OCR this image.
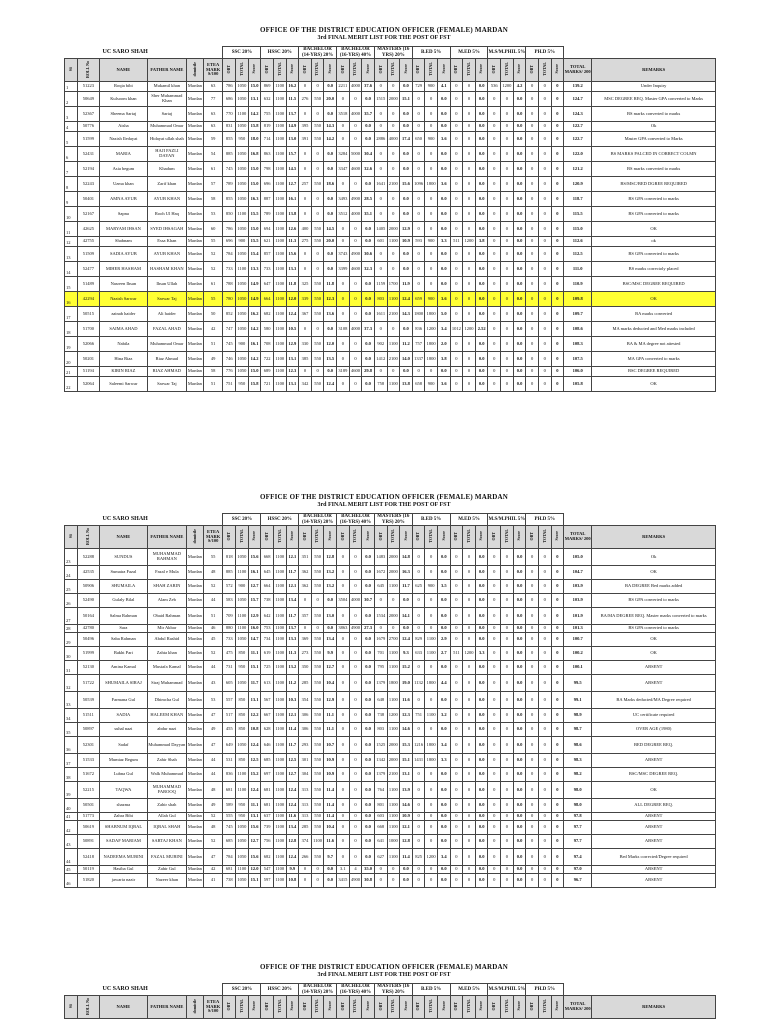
OFFICE OF THE DISTRICT EDUCATION OFFICER (FEMALE) MARDAN
3rd FINAL MERIT LIST FOR THE POST OF FST
UC SARO SHAH						SSC 20%			HSSC 20%			BACHELOR (14-YRS) 20%			BACHELOR (16-YRS) 40%			MASTERS (16 YRS) 20%			B.ED 5%			M.ED 5%			M.S/M.PHIL 5%			PH.D 5%				
S#	ROLL No	NAME	FATHER NAME	domicile	ETEA MARK S/100	OBT	TOTAL	Score	OBT	TOTAL	Score	OBT	TOTAL	Score	OBT	TOTAL	Score	OBT	TOTAL	Score	OBT	TOTAL	Score	OBT	TOTAL	Score	OBT	TOTAL	Score	OBT	TOTAL	Score	TOTAL MARKS/ 200	REMARKS
1	51223	Roqia bibi	Mukamil khan	Mardan	63	786	1050	15.0	869	1100	16.2	0	0	0.0	2211	4000	37.6	0	0	0.0	729	900	4.1	0	0	0.0	536	1200	4.2	0	0	0	139.2	Under Inquiry
2	50649	Kulsoom khan	Sher Muhammad Khan	Mardan	77	686	1050	13.1	632	1100	11.5	276	550	20.0	0	0	0.0	1515	2000	15.1	0	0	0.0	0	0	0.0	0	0	0.0	0	0	0	124.7	MSC DEGREE REQ. Master GPA converted to Marks
3	52367	Sheema Sartaj	Sartaj	Mardan	63	770	1100	14.2	755	1100	13.7	0	0	0.0	3518	4000	35.7	0	0	0.0	0	0	0.0	0	0	0.0	0	0	0.0	0	0	0	124.3	BS marks converted to marks
4	50776	Aisha	Muhammad Omar	Mardan	63	831	1050	15.8	819	1100	14.9	395	550	14.3	0	0	0.0	0	0	0.0	0	0	0.0	0	0	0.0	0	0	0.0	0	0	0	122.7	Ok
5	51599	Nazish Iledayat	Hidayat ullah shah	Mardan	59	855	950	18.0	714	1100	13.0	391	550	14.2	0	0	0.0	2886	4000	17.4	650	900	3.6	0	0	0.0	0	0	0.0	0	0	0	122.7	Master GPA converted to Marks
6	52431	MARIA	HAJI FAZLI DAYAN	Mardan	54	885	1050	16.8	863	1100	15.7	0	0	0.0	3284	5000	30.4	0	0	0.0	0	0	0.0	0	0	0.0	0	0	0.0	0	0	0	122.0	BS MARKS PALCED IN CORRECT COLMN
7	52194	Asia begum	Khadum	Mardan	61	745	1050	15.0	798	1100	14.5	0	0	0.0	3347	4600	32.6	0	0	0.0	0	0	0.0	0	0	0.0	0	0	0.0	0	0	0	121.2	BS marks converted to marks
8	52243	Uzma khan	Zarif khan	Mardan	57	789	1050	15.0	696	1100	12.7	257	550	18.6	0	0	0.0	1641	2100	15.6	1096	1800	3.6	0	0	0.0	0	0	0.0	0	0	0	120.9	BS/MSC/BED DGREE REQUIRED
9	50401	AMNA AYUB	AYUB KHAN	Mardan	58	855	1050	16.3	887	1100	16.1	0	0	0.0	3493	4900	28.5	0	0	0.0	0	0	0.0	0	0	0.0	0	0	0.0	0	0	0	118.7	BS GPA converted to marks
10	52167	Sapna	Rooh Ul Haq	Mardan	53	850	1100	15.5	789	1100	13.8	0	0	0.0	3512	4000	35.1	0	0	0.0	0	0	0.0	0	0	0.0	0	0	0.0	0	0	0	115.5	BS GPA converted to marks
11	42625	MARYAM IHSAN	SYED IHSAGAH	Mardan	60	786	1050	15.0	694	1100	12.6	400	550	14.5	0	0	0.0	1405	2000	12.9	0	0	0.0	0	0	0.0	0	0	0.0	0	0	0	115.0	OK
12	42755	Shabnam	Essa Khan	Mardan	55	696	900	15.5	621	1100	11.3	275	550	20.0	0	0	0.0	601	1100	10.9	593	900	3.3	511	1200	3.8	0	0	0.0	0	0	0	112.6	ok
13	51509	SADIA AYUB	AYUB KHAN	Mardan	52	784	1050	15.4	857	1100	15.6	0	0	0.0	3743	4900	30.6	0	0	0.0	0	0	0.0	0	0	0.0	0	0	0.0	0	0	0	112.5	BS GPA converted to marks
14	52477	MIHER HASHAM	HASHAM KHAN	Mardan	52	733	1100	13.3	733	1100	13.3	0	0	0.0	3399	4600	32.3	0	0	0.0	0	0	0.0	0	0	0.0	0	0	0.0	0	0	0	111.0	BS marks correctoly placed
15	51489	Nasreen Ihsan	Ihsan Ullah	Mardan	61	788	1050	14.9	647	1100	11.8	325	550	11.8	0	0	0.0	1159	1700	11.9	0	0	0.0	0	0	0.0	0	0	0.0	0	0	0	110.9	BSC/MSC DEGREE REQUIRED
16	42294	Nazish Sarwar	Sarwar Taj	Mardan	55	780	1050	14.9	664	1100	12.0	339	550	12.3	0	0	0.0	803	1100	12.4	659	900	3.6	0	0	0.0	0	0	0.0	0	0	0	109.8	OK
17	50515	zainab haider	Ali haider	Mardan	50	852	1050	16.2	682	1100	12.4	367	550	13.6	0	0	0.0	1611	2100	14.3	1800	1800	5.0	0	0	0.0	0	0	0.0	0	0	0	109.7	BA marks converted
18	51700	SAIMA AHAD	FAZAL AHAD	Mardan	42	747	1050	14.2	580	1100	10.5	0	0	0.0	3108	4000	37.3	0	0	0.0	836	1200	3.4	1012	1200	2.52	0	0	0.0	0	0	0	108.6	MA marks deducted and Med marks included
19	52066	Nabila	Muhammad Omar	Mardan	51	745	900	16.1	708	1100	12.9	330	550	12.0	0	0	0.0	902	1100	11.2	757	1800	2.0	0	0	0.0	0	0	0.0	0	0	0	108.3	BA & MA degree not attested
20	50201	Hina Riaz	Riaz Ahmad	Mardan	49	746	1050	14.2	722	1100	13.1	385	550	13.5	0	0	0.0	1412	2100	14.0	1337	1800	3.8	0	0	0.0	0	0	0.0	0	0	0	107.5	MA GPA converted to marks
21	51194	KIRIN RIAZ	RIAZ AHMAD	Mardan	58	776	1050	15.0	689	1100	12.3	0	0	0.0	3189	4600	29.8	0	0	0.0	0	0	0.0	0	0	0.0	0	0	0.0	0	0	0	106.0	BSC DEGREE REQUIRED
22	52064	Saleemi Sarwar	Sarwar Taj	Mardan	51	751	950	15.8	721	1100	13.1	342	550	12.4	0	0	0.0	758	1100	13.8	658	900	3.6	0	0	0.0	0	0	0.0	0	0	0	105.8	OK
OFFICE OF THE DISTRICT EDUCATION OFFICER (FEMALE) MARDAN
3rd FINAL MERIT LIST FOR THE POST OF FST
UC SARO SHAH						SSC 20%			HSSC 20%			BACHELOR (14-YRS) 20%			BACHELOR (16-YRS) 40%			MASTERS (16 YRS) 20%			B.ED 5%			M.ED 5%			M.S/M.PHIL 5%			PH.D 5%				
S#	ROLL No	NAME	FATHER NAME	domicile	ETEA MARK S/100	OBT	TOTAL	Score	OBT	TOTAL	Score	OBT	TOTAL	Score	OBT	TOTAL	Score	OBT	TOTAL	Score	OBT	TOTAL	Score	OBT	TOTAL	Score	OBT	TOTAL	Score	OBT	TOTAL	Score	TOTAL MARKS/ 200	REMARKS
23	52288	SUNDUS	MUHAMMAD RAHMAN	Mardan	55	818	1050	15.6	668	1100	12.1	351	550	12.8	0	0	0.0	1483	2000	14.8	0	0	0.0	0	0	0.0	0	0	0.0	0	0	0	105.0	Ok
24	42535	Sumaira Fazal	Fazal e Mula	Mardan	48	885	1100	16.1	645	1100	11.7	362	550	13.2	0	0	0.0	1672	2000	16.3	0	0	0.0	0	0	0.0	0	0	0.0	0	0	0	104.7	OK
25	50906	SHUMAILA	SHAH ZARIN	Mardan	52	572	900	12.7	664	1100	12.1	362	550	13.2	0	0	0.0	645	1100	11.7	625	900	3.5	0	0	0.0	0	0	0.0	0	0	0	103.9	BA DEGREE Bed marks added
26	52490	Gulaly Bilal	Alam Zeb	Mardan	44	583	1050	15.7	738	1100	13.4	0	0	0.0	3504	4000	30.7	0	0	0.0	0	0	0.0	0	0	0.0	0	0	0.0	0	0	0	103.9	BS GPA converted to marks
27	50164	Salma Rahman	Obaid Rahman	Mardan	51	709	1100	12.9	642	1100	11.7	357	550	13.0	0	0	0.0	1534	2000	14.1	0	0	0.0	0	0	0.0	0	0	0.0	0	0	0	101.9	BA/MA DEGREE REQ. Master marks converted to marks
28	42780	Sara	Mir Akbar	Mardan	46	880	1100	16.0	753	1100	13.7	0	0	0.0	3863	4900	27.3	0	0	0.0	0	0	0.0	0	0	0.0	0	0	0.0	0	0	0	101.3	BS GPA converted to marks
29	50496	Saba Rahman	Abdul Rashid	Mardan	45	733	1050	14.7	734	1100	13.3	369	550	13.4	0	0	0.0	1679	2700	12.4	829	1100	2.9	0	0	0.0	0	0	0.0	0	0	0	100.7	OK
30	51999	Bakht Pari	Zahta khan	Mardan	52	475	850	11.1	619	1100	11.3	273	550	9.9	0	0	0.0	701	1100	9.3	633	1100	2.7	511	1200	3.3	0	0	0.0	0	0	0	100.2	OK
31	52130	Amina Kamal	Mustafa Kamal	Mardan	44	731	950	15.1	725	1100	13.2	350	550	12.7	0	0	0.0	795	1100	15.2	0	0	0.0	0	0	0.0	0	0	0.0	0	0	0	100.1	ABSENT
32	51722	SHUMAILA SIRAJ	Siraj Muhammad	Mardan	43	605	1050	11.7	613	1100	11.2	285	550	10.4	0	0	0.0	1379	1800	19.0	1132	1800	4.4	0	0	0.0	0	0	0.0	0	0	0	99.5	ABSENT
33	50539	Farmana Gul	Dhimcha Gul	Mardan	53	557	850	13.1	567	1100	10.3	354	550	12.9	0	0	0.0	648	1100	11.6	0	0	0.0	0	0	0.0	0	0	0.0	0	0	0	99.1	BA Marks deducted/MA Degree required
34	51511	SADIA	HALEEM KHAN	Mardan	47	517	850	12.2	667	1100	12.1	306	550	11.1	0	0	0.0	738	1200	12.3	751	1100	3.2	0	0	0.0	0	0	0.0	0	0	0	98.9	UC certificate required
35	50897	suhal nazi	abdur nazi	Mardan	49	455	850	10.8	628	1100	11.4	306	550	11.1	0	0	0.0	803	1100	14.6	0	0	0.0	0	0	0.0	0	0	0.0	0	0	0	98.7	OVER AGE (1980)
36	52301	Sadaf	Muhammad Dayyan	Mardan	47	649	1050	12.4	646	1100	11.7	293	550	10.7	0	0	0.0	1525	2000	15.3	1216	1800	3.4	0	0	0.0	0	0	0.0	0	0	0	98.6	BED DEGREE REQ.
37	51533	Mumtaz Begum	Zahir Shah	Mardan	44	531	850	12.5	685	1100	12.5	301	550	10.9	0	0	0.0	1342	2000	15.1	1431	1800	3.3	0	0	0.0	0	0	0.0	0	0	0	98.3	ABSENT
38	51672	Lubna Gul	Walk Muhammad	Mardan	44	836	1100	15.2	697	1100	12.7	304	550	10.9	0	0	0.0	1379	2100	13.1	0	0	0.0	0	0	0.0	0	0	0.0	0	0	0	98.2	BSC/MSC DEGREE REQ.
39	52215	TAQWA	MUHAMMAD FAROOQ	Mardan	48	681	1100	12.4	681	1100	12.4	313	550	11.4	0	0	0.0	764	1100	13.9	0	0	0.0	0	0	0.0	0	0	0.0	0	0	0	98.0	OK
40	50501	shazma	Zahir shah	Mardan	49	589	950	11.1	681	1100	12.4	313	550	11.4	0	0	0.0	801	1100	14.6	0	0	0.0	0	0	0.0	0	0	0.0	0	0	0	98.0	ALL DEGREE REQ.
41	51773	Zahra Bibi	Allah Gul	Mardan	52	555	950	13.1	637	1100	11.6	313	550	11.4	0	0	0.0	603	1100	10.9	0	0	0.0	0	0	0.0	0	0	0.0	0	0	0	97.8	ABSENT
42	50619	SHABNUM IQBAL	IQBAL SHAH	Mardan	48	745	1050	15.6	739	1100	13.4	285	550	10.4	0	0	0.0	668	1100	12.1	0	0	0.0	0	0	0.0	0	0	0.0	0	0	0	97.7	ABSENT
43	50891	SADAF MARIAM	SARTAJ KHAN	Mardan	52	685	1050	12.7	756	1100	12.8	374	1100	11.6	0	0	0.0	641	1000	12.8	0	0	0.0	0	0	0.0	0	0	0.0	0	0	0	97.7	ABSENT
44	52418	NADEEMA MUBINI	FAZAL MUBINI	Mardan	47	784	1050	15.6	682	1100	12.4	266	550	9.7	0	0	0.0	627	1100	11.4	825	1200	3.4	0	0	0.0	0	0	0.0	0	0	0	97.4	Bed Marks corrected/Degree required
45	50119	Hasiba Gul	Zahir Gul	Mardan	42	681	1100	12.0	547	1100	9.9	0	0	0.0	3.1	4	35.0	0	0	0.0	0	0	0.0	0	0	0.0	0	0	0.0	0	0	0	97.0	ABSENT
46	51820	jawaria nazir	Nazeer khan	Mardan	41	738	1050	15.1	597	1100	10.8	0	0	0.0	3415	4900	30.8	0	0	0.0	0	0	0.0	0	0	0.0	0	0	0.0	0	0	0	96.7	ABSENT
OFFICE OF THE DISTRICT EDUCATION OFFICER (FEMALE) MARDAN
3rd FINAL MERIT LIST FOR THE POST OF FST
UC SARO SHAH						SSC 20%			HSSC 20%			BACHELOR (14-YRS) 20%			BACHELOR (16-YRS) 40%			MASTERS (16 YRS) 20%			B.ED 5%			M.ED 5%			M.S/M.PHIL 5%			PH.D 5%				
S#	ROLL No	NAME	FATHER NAME	domicile	ETEA MARK S/100	OBT	TOTAL	Score	OBT	TOTAL	Score	OBT	TOTAL	Score	OBT	TOTAL	Score	OBT	TOTAL	Score	OBT	TOTAL	Score	OBT	TOTAL	Score	OBT	TOTAL	Score	OBT	TOTAL	Score	TOTAL MARKS/ 200	REMARKS
